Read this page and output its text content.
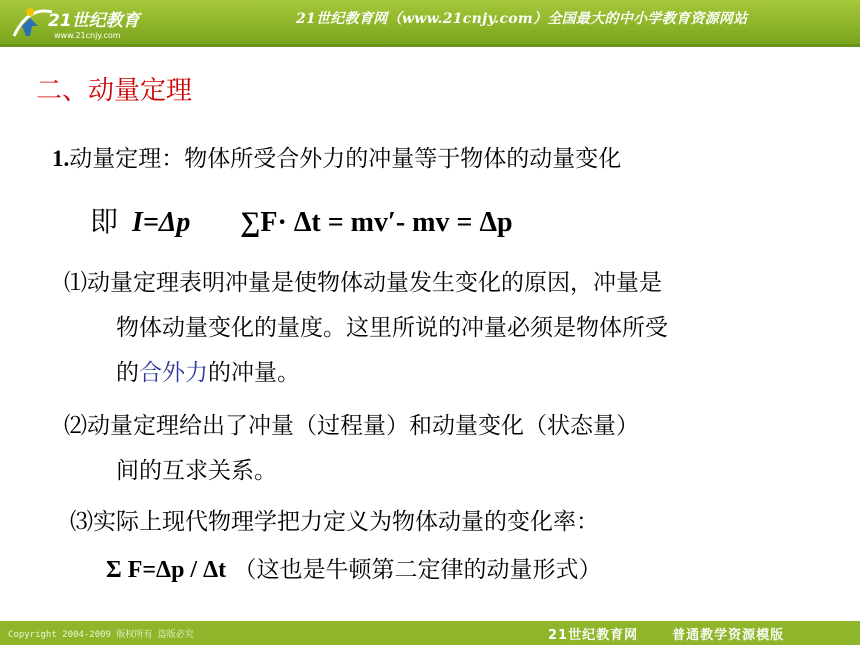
21世纪教育
www.21cnjy.com
21世纪教育网（www.21cnjy.com）全国最大的中小学教育资源网站
二、动量定理
1.动量定理：物体所受合外力的冲量等于物体的动量变化
即 I=Δp ∑F· Δt = mv′- mv = Δp
⑴动量定理表明冲量是使物体动量发生变化的原因，冲量是
物体动量变化的量度。这里所说的冲量必须是物体所受
的合外力的冲量。
⑵动量定理给出了冲量（过程量）和动量变化（状态量）
间的互求关系。
⑶实际上现代物理学把力定义为物体动量的变化率：
Σ F=Δp / Δt （这也是牛顿第二定律的动量形式）
Copyright 2004-2009 版权所有 盗版必究	21世纪教育网	普通教学资源模版
